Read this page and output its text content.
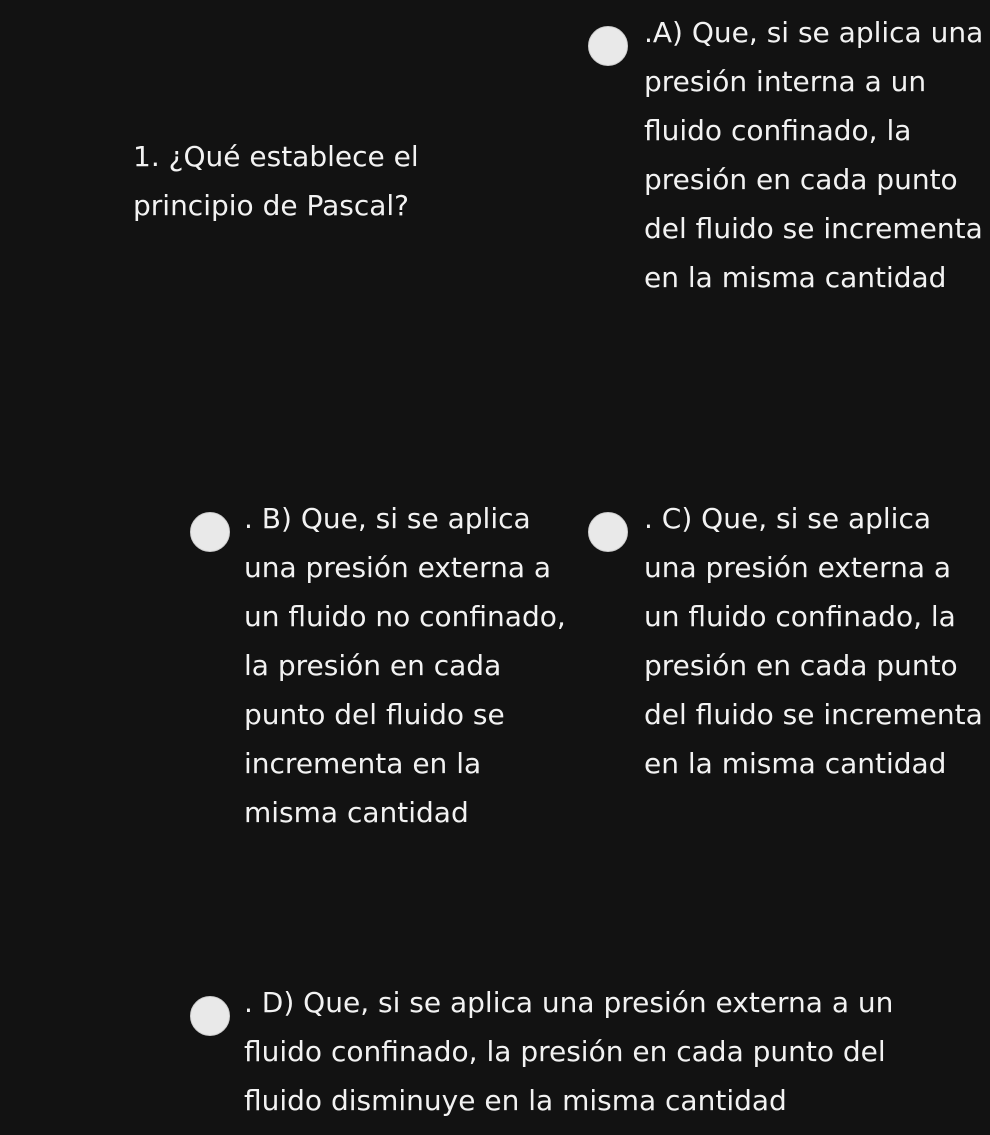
1. ¿Qué establece el principio de Pascal?

.A) Que, si se aplica una presión interna a un fluido confinado, la presión en cada punto del fluido se incrementa en la misma cantidad

. B) Que, si se aplica una presión externa a un fluido no confinado, la presión en cada punto del fluido se incrementa en la misma cantidad

. C) Que, si se aplica una presión externa a un fluido confinado, la presión en cada punto del fluido se incrementa en la misma cantidad

. D) Que, si se aplica una presión externa a un fluido confinado, la presión en cada punto del fluido disminuye en la misma cantidad
